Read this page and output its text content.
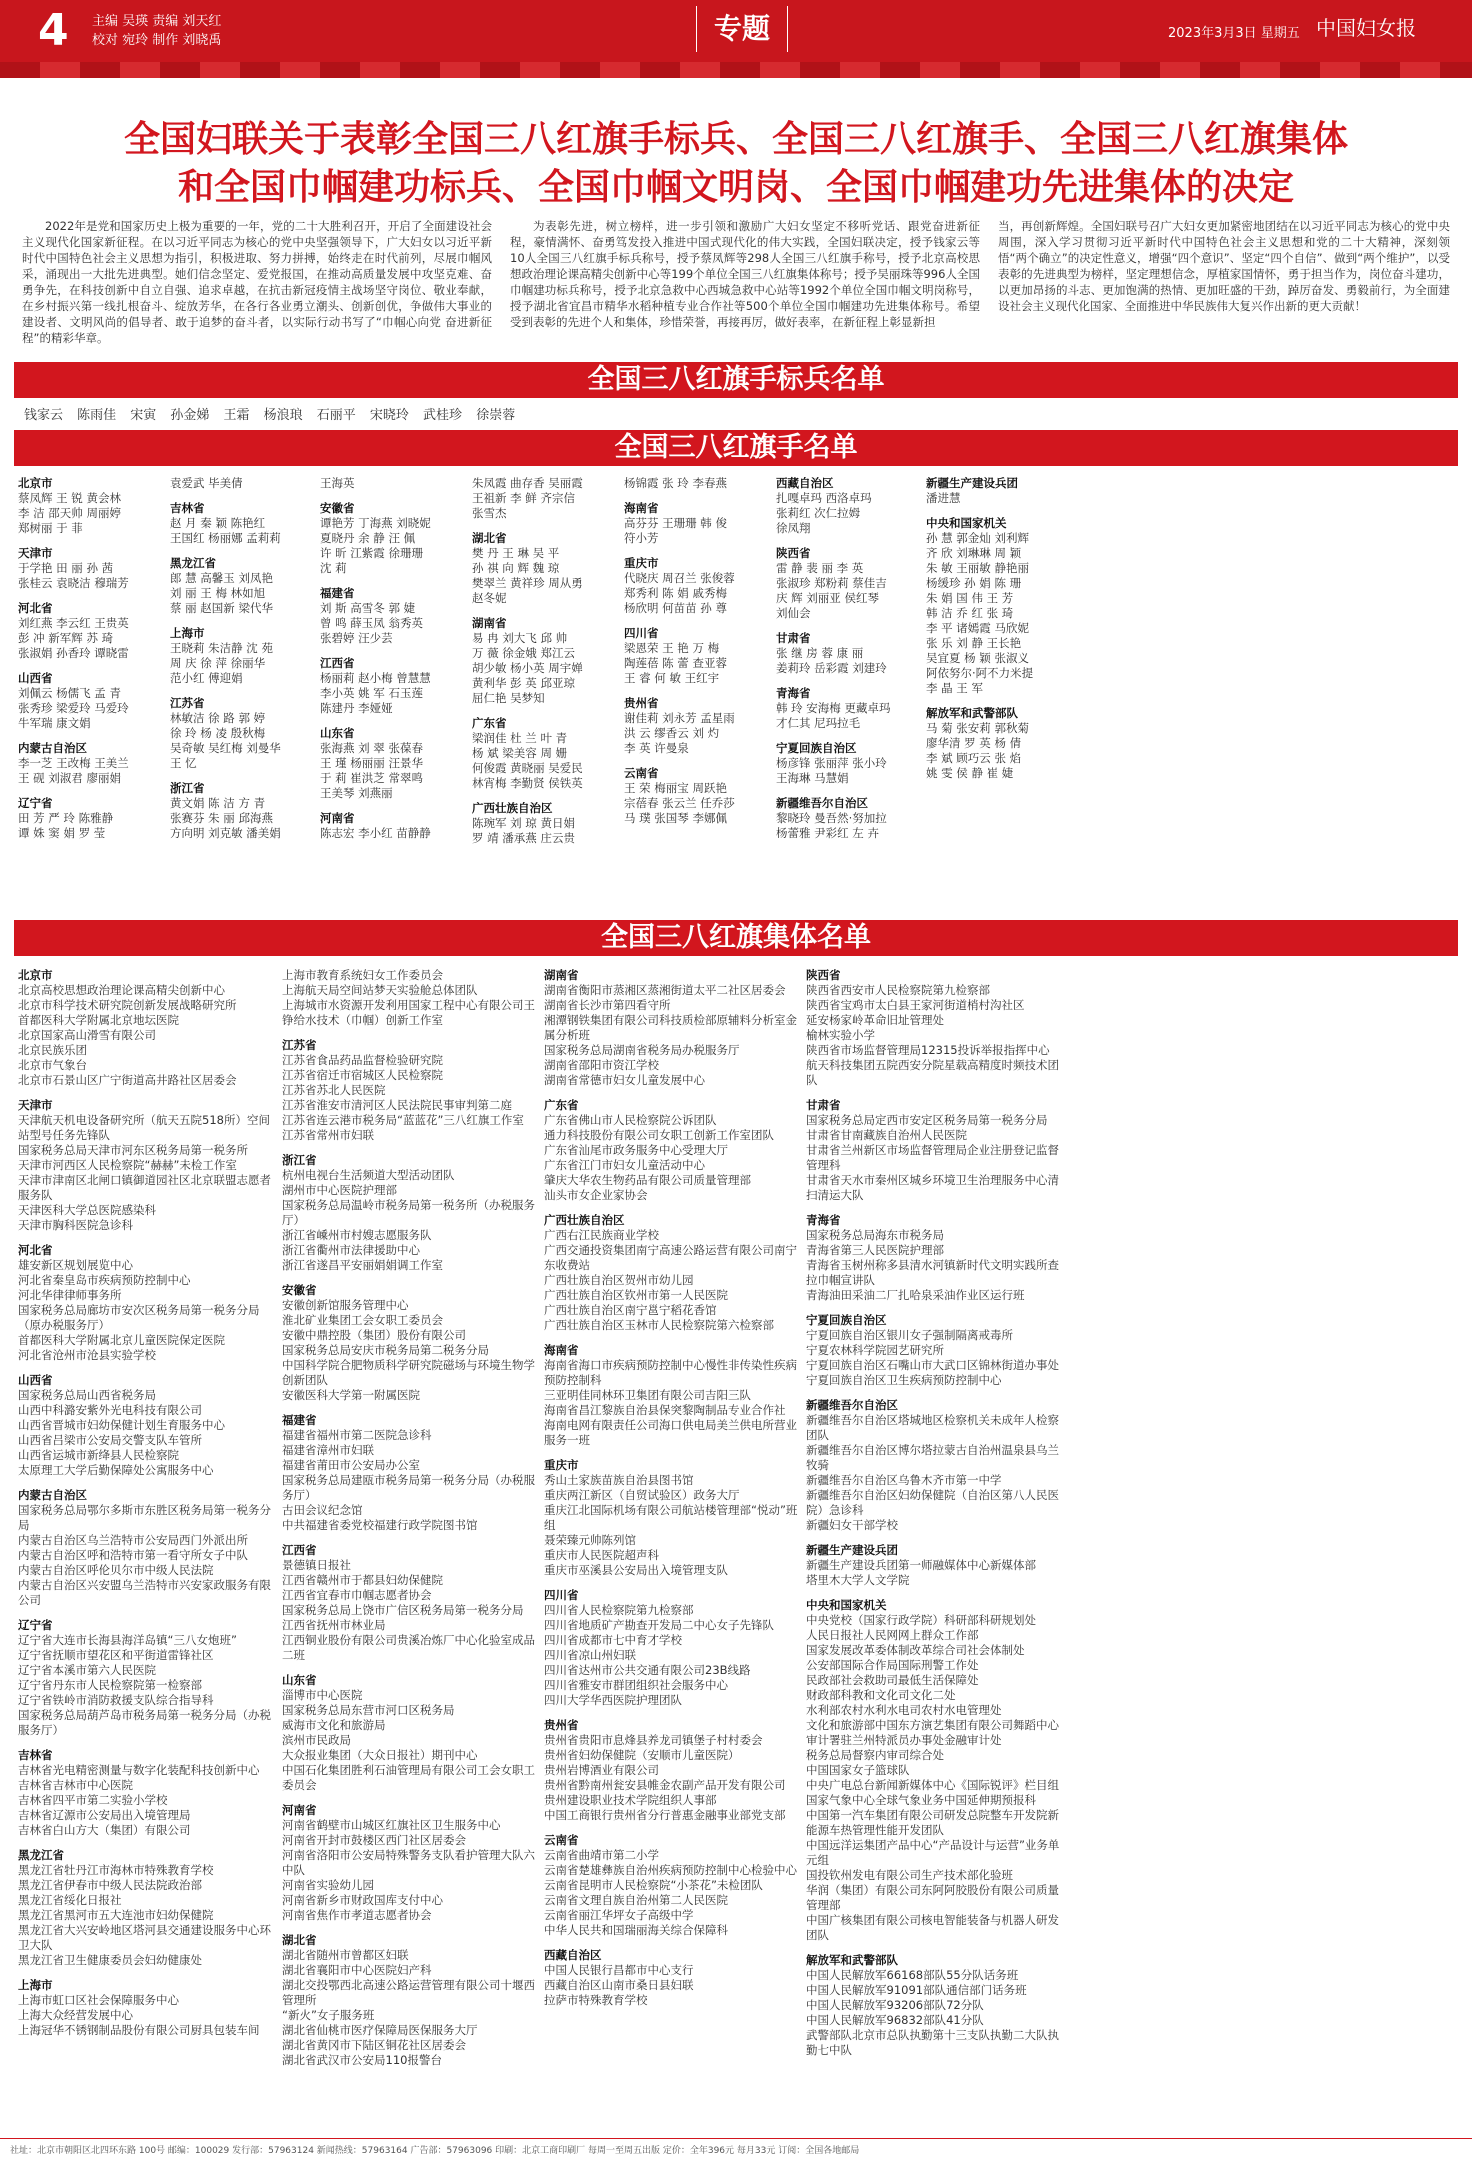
4 主编 吴瑛 责编 刘天红
校对 宛玲 制作 刘晓禹	专题	2023年3月3日 星期五 中国妇女报
全国妇联关于表彰全国三八红旗手标兵、全国三八红旗手、全国三八红旗集体
和全国巾帼建功标兵、全国巾帼文明岗、全国巾帼建功先进集体的决定
2022年是党和国家历史上极为重要的一年，党的二十大胜利召开，开启了全面建设社会主义现代化国家新征程。在以习近平同志为核心的党中央坚强领导下，广大妇女以习近平新时代中国特色社会主义思想为指引，积极进取、努力拼搏，始终走在时代前列，尽展巾帼风采，涌现出一大批先进典型。她们信念坚定、爱党报国，在推动高质量发展中攻坚克难、奋勇争先，在科技创新中自立自强、追求卓越，在抗击新冠疫情主战场坚守岗位、敬业奉献，在乡村振兴第一线扎根奋斗、绽放芳华，在各行各业勇立潮头、创新创优，争做伟大事业的建设者、文明风尚的倡导者、敢于追梦的奋斗者，以实际行动书写了“巾帼心向党 奋进新征程”的精彩华章。
为表彰先进，树立榜样，进一步引领和激励广大妇女坚定不移听党话、跟党奋进新征程，豪情满怀、奋勇笃发投入推进中国式现代化的伟大实践，全国妇联决定，授予钱家云等10人全国三八红旗手标兵称号，授予蔡凤辉等298人全国三八红旗手称号，授予北京高校思想政治理论课高精尖创新中心等199个单位全国三八红旗集体称号；授予吴丽珠等996人全国巾帼建功标兵称号，授予北京急救中心西城急救中心站等1992个单位全国巾帼文明岗称号，授予湖北省宜昌市精华水稻种植专业合作社等500个单位全国巾帼建功先进集体称号。希望受到表彰的先进个人和集体，珍惜荣誉，再接再厉，做好表率，在新征程上彰显新担
当，再创新辉煌。全国妇联号召广大妇女更加紧密地团结在以习近平同志为核心的党中央周围，深入学习贯彻习近平新时代中国特色社会主义思想和党的二十大精神，深刻领悟“两个确立”的决定性意义，增强“四个意识”、坚定“四个自信”、做到“两个维护”，以受表彰的先进典型为榜样，坚定理想信念，厚植家国情怀，勇于担当作为，岗位奋斗建功，以更加昂扬的斗志、更加饱满的热情、更加旺盛的干劲，踔厉奋发、勇毅前行，为全面建设社会主义现代化国家、全面推进中华民族伟大复兴作出新的更大贡献！
全国三八红旗手标兵名单
钱家云 陈雨佳 宋寅 孙金娣 王霜 杨浪琅 石丽平 宋晓玲 武桂珍 徐崇蓉
全国三八红旗手名单
北京市
蔡凤辉 王 锐 黄会林
李 洁 邵天帅 周丽婷
郑树丽 于 菲
天津市
于学艳 田 丽 孙 茜
张桂云 袁晓洁 穆瑞芳
河北省
刘红燕 李云红 王贵英
彭 冲 新军辉 苏 琦
张淑娟 孙香玲 谭晓雷
山西省
刘佩云 杨儒飞 孟 青
张秀珍 梁爱玲 马爱玲
牛军瑞 康文娟
内蒙古自治区
李一芝 王改梅 王美兰
王 砚 刘淑君 廖丽娟
辽宁省
田 芳 严 玲 陈雅静
谭 姝 窦 娟 罗 莹
袁爱武 毕美倩
吉林省
赵 月 秦 颖 陈艳红
王国红 杨丽娜 孟莉莉
黑龙江省
郎 慧 高馨玉 刘凤艳
刘 丽 王 梅 林如旭
蔡 丽 赵国新 梁代华
上海市
王晓莉 朱洁静 沈 苑
周 庆 徐 萍 徐丽华
范小红 傅迎娟
江苏省
林敏洁 徐 路 郭 婷
徐 玲 杨 凌 殷秋梅
吴奇敏 吴红梅 刘曼华
王 忆
浙江省
黄文娟 陈 洁 方 青
张赛芬 朱 丽 邱海燕
方向明 刘克敏 潘美娟
王海英
安徽省
谭艳芳 丁海燕 刘晓妮
夏晓丹 余 静 汪 佩
许 昕 江紫霞 徐珊珊
沈 莉
福建省
刘 斯 高雪冬 郭 婕
曾 鸣 薛玉凤 翁秀英
张碧婷 汪少芸
江西省
杨丽莉 赵小梅 曾慧慧
李小英 姚 军 石玉莲
陈建丹 李娅娅
山东省
张海燕 刘 翠 张葆春
王 瑾 杨丽丽 汪景华
于 莉 崔洪芝 常翠鸣
王美琴 刘燕丽
河南省
陈志宏 李小红 苗静静
朱凤霞 曲存香 吴丽霞
王祖新 李 鲜 齐宗信
张雪杰
湖北省
樊 丹 王 琳 吴 平
孙 祺 向 辉 魏 琼
樊翠兰 黄祥珍 周从勇
赵冬妮
湖南省
易 冉 刘大飞 邱 帅
万 薇 徐金娥 郑江云
胡少敏 杨小英 周宇婵
黄利华 彭 英 邱亚琼
屈仁艳 吴梦知
广东省
梁润佳 杜 兰 叶 青
杨 斌 梁美容 周 姗
何俊霞 黄晓丽 吴爱民
林宵梅 李勤贤 侯铁英
广西壮族自治区
陈琬军 刘 琼 黄日娟
罗 靖 潘承燕 庄云贵
杨锦霞 张 玲 李春燕
海南省
高芬芬 王珊珊 韩 俊
符小芳
重庆市
代晓庆 周召兰 张俊蓉
郑秀利 陈 娟 戚秀梅
杨欣明 何苗苗 孙 尊
四川省
梁恩荣 王 艳 万 梅
陶莲蓓 陈 蕾 查亚蓉
王 睿 何 敏 王红宇
贵州省
谢佳莉 刘永芳 孟星雨
洪 云 缪香云 刘 灼
李 英 许曼泉
云南省
王 荣 梅丽宝 周跃艳
宗蓓春 张云兰 任乔莎
马 璞 张国琴 李娜佩
西藏自治区
扎嘎卓玛 西洛卓玛
张莉红 次仁拉姆
徐凤翔
陕西省
雷 静 裴 丽 李 英
张淑珍 郑粉莉 蔡佳吉
庆 辉 刘丽亚 侯红琴
刘仙会
甘肃省
张 继 房 蓉 康 丽
姜莉玲 岳彩霞 刘建玲
青海省
韩 玲 安海梅 更藏卓玛
才仁其 尼玛拉毛
宁夏回族自治区
杨彦锋 张丽萍 张小玲
王海琳 马慧娟
新疆维吾尔自治区
黎晓玲 曼吾然·努加拉
杨蕾雅 尹彩红 左 卉
新疆生产建设兵团
潘进慧
中央和国家机关
孙 慧 郭金灿 刘利辉
齐 欣 刘琳琳 周 颖
朱 敏 王丽敏 静艳丽
杨缓珍 孙 娟 陈 珊
朱 娟 国 伟 王 芳
韩 洁 乔 红 张 琦
李 平 诸嫣霞 马欣妮
张 乐 刘 静 王长艳
吴宜夏 杨 颖 张淑义
阿依努尔·阿不力米提
李 晶 王 军
解放军和武警部队
马 菊 张安莉 郭秋菊
廖华清 罗 英 杨 倩
李 斌 顾巧云 张 焰
姚 雯 侯 静 崔 婕
全国三八红旗集体名单
北京市
北京高校思想政治理论课高精尖创新中心
北京市科学技术研究院创新发展战略研究所
首都医科大学附属北京地坛医院
北京国家高山滑雪有限公司
北京民族乐团
北京市气象台
北京市石景山区广宁街道高井路社区居委会
天津市
天津航天机电设备研究所（航天五院518所）空间站型号任务先锋队
国家税务总局天津市河东区税务局第一税务所
天津市河西区人民检察院“赫赫”未检工作室
天津市津南区北闸口镇御道园社区北京联盟志愿者服务队
天津医科大学总医院感染科
天津市胸科医院急诊科
河北省
雄安新区规划展览中心
河北省秦皇岛市疾病预防控制中心
河北华律律师事务所
国家税务总局廊坊市安次区税务局第一税务分局（原办税服务厅）
首都医科大学附属北京儿童医院保定医院
河北省沧州市沧县实验学校
山西省
国家税务总局山西省税务局
山西中科潞安紫外光电科技有限公司
山西省晋城市妇幼保健计划生育服务中心
山西省吕梁市公安局交警支队车管所
山西省运城市新绛县人民检察院
太原理工大学后勤保障处公寓服务中心
内蒙古自治区
国家税务总局鄂尔多斯市东胜区税务局第一税务分局
内蒙古自治区乌兰浩特市公安局西门外派出所
内蒙古自治区呼和浩特市第一看守所女子中队
内蒙古自治区呼伦贝尔市中级人民法院
内蒙古自治区兴安盟乌兰浩特市兴安家政服务有限公司
辽宁省
辽宁省大连市长海县海洋岛镇“三八女炮班”
辽宁省抚顺市望花区和平街道雷锋社区
辽宁省本溪市第六人民医院
辽宁省丹东市人民检察院第一检察部
辽宁省铁岭市消防救援支队综合指导科
国家税务总局葫芦岛市税务局第一税务分局（办税服务厅）
吉林省
吉林省光电精密测量与数字化装配科技创新中心
吉林省吉林市中心医院
吉林省四平市第二实验小学校
吉林省辽源市公安局出入境管理局
吉林省白山方大（集团）有限公司
黑龙江省
黑龙江省牡丹江市海林市特殊教育学校
黑龙江省伊春市中级人民法院政治部
黑龙江省绥化日报社
黑龙江省黑河市五大连池市妇幼保健院
黑龙江省大兴安岭地区塔河县交通建设服务中心环卫大队
黑龙江省卫生健康委员会妇幼健康处
上海市
上海市虹口区社会保障服务中心
上海大众经营发展中心
上海冠华不锈钢制品股份有限公司厨具包装车间
上海市教育系统妇女工作委员会
上海航天局空间站梦天实验舱总体团队
上海城市水资源开发利用国家工程中心有限公司王铮给水技术（巾帼）创新工作室
江苏省
江苏省食品药品监督检验研究院
江苏省宿迁市宿城区人民检察院
江苏省苏北人民医院
江苏省淮安市清河区人民法院民事审判第二庭
江苏省连云港市税务局“蓝蓝花”三八红旗工作室
江苏省常州市妇联
浙江省
杭州电视台生活频道大型活动团队
湖州市中心医院护理部
国家税务总局温岭市税务局第一税务所（办税服务厅）
浙江省嵊州市村嫂志愿服务队
浙江省衢州市法律援助中心
浙江省遂昌平安丽娟娟调工作室
安徽省
安徽创新馆服务管理中心
淮北矿业集团工会女职工委员会
安徽中鼎控股（集团）股份有限公司
国家税务总局安庆市税务局第二税务分局
中国科学院合肥物质科学研究院磁场与环境生物学创新团队
安徽医科大学第一附属医院
福建省
福建省福州市第二医院急诊科
福建省漳州市妇联
福建省莆田市公安局办公室
国家税务总局建瓯市税务局第一税务分局（办税服务厅）
古田会议纪念馆
中共福建省委党校福建行政学院图书馆
江西省
景德镇日报社
江西省赣州市于都县妇幼保健院
江西省宜春市巾帼志愿者协会
国家税务总局上饶市广信区税务局第一税务分局
江西省抚州市林业局
江西铜业股份有限公司贵溪冶炼厂中心化验室成品二班
山东省
淄博市中心医院
国家税务总局东营市河口区税务局
威海市文化和旅游局
滨州市民政局
大众报业集团（大众日报社）期刊中心
中国石化集团胜利石油管理局有限公司工会女职工委员会
河南省
河南省鹤壁市山城区红旗社区卫生服务中心
河南省开封市鼓楼区西门社区居委会
河南省洛阳市公安局特殊警务支队看护管理大队六中队
河南省实验幼儿园
河南省新乡市财政国库支付中心
河南省焦作市孝道志愿者协会
湖北省
湖北省随州市曾都区妇联
湖北省襄阳市中心医院妇产科
湖北交投鄂西北高速公路运营管理有限公司十堰西管理所
“新火”女子服务班
湖北省仙桃市医疗保障局医保服务大厅
湖北省黄冈市下陆区铜花社区居委会
湖北省武汉市公安局110报警台
湖南省
湖南省衡阳市蒸湘区蒸湘街道太平二社区居委会
湖南省长沙市第四看守所
湘潭钢铁集团有限公司科技质检部原辅料分析室金属分析班
国家税务总局湖南省税务局办税服务厅
湖南省邵阳市资江学校
湖南省常德市妇女儿童发展中心
广东省
广东省佛山市人民检察院公诉团队
通力科技股份有限公司女职工创新工作室团队
广东省汕尾市政务服务中心受理大厅
广东省江门市妇女儿童活动中心
肇庆大华农生物药品有限公司质量管理部
汕头市女企业家协会
广西壮族自治区
广西右江民族商业学校
广西交通投资集团南宁高速公路运营有限公司南宁东收费站
广西壮族自治区贺州市幼儿园
广西壮族自治区钦州市第一人民医院
广西壮族自治区南宁邕宁稻花香馆
广西壮族自治区玉林市人民检察院第六检察部
海南省
海南省海口市疾病预防控制中心慢性非传染性疾病预防控制科
三亚明佳同林环卫集团有限公司吉阳三队
海南省昌江黎族自治县保突黎陶制品专业合作社
海南电网有限责任公司海口供电局美兰供电所营业服务一班
重庆市
秀山土家族苗族自治县图书馆
重庆两江新区（自贸试验区）政务大厅
重庆江北国际机场有限公司航站楼管理部“悦动”班组
聂荣臻元帅陈列馆
重庆市人民医院超声科
重庆市巫溪县公安局出入境管理支队
四川省
四川省人民检察院第九检察部
四川省地质矿产勘查开发局二中心女子先锋队
四川省成都市七中育才学校
四川省凉山州妇联
四川省达州市公共交通有限公司23B线路
四川省雅安市群团组织社会服务中心
四川大学华西医院护理团队
贵州省
贵州省贵阳市息烽县养龙司镇堡子村村委会
贵州省妇幼保健院（安顺市儿童医院）
贵州岩博酒业有限公司
贵州省黔南州瓮安县帷金农副产品开发有限公司
贵州建设职业技术学院组织人事部
中国工商银行贵州省分行普惠金融事业部党支部
云南省
云南省曲靖市第二小学
云南省楚雄彝族自治州疾病预防控制中心检验中心
云南省昆明市人民检察院“小茶花”未检团队
云南省文理自族自治州第二人民医院
云南省丽江华坪女子高级中学
中华人民共和国瑞丽海关综合保障科
西藏自治区
中国人民银行昌都市中心支行
西藏自治区山南市桑日县妇联
拉萨市特殊教育学校
陕西省
陕西省西安市人民检察院第九检察部
陕西省宝鸡市太白县王家河街道梢村沟社区
延安杨家岭革命旧址管理处
榆林实验小学
陕西省市场监督管理局12315投诉举报指挥中心
航天科技集团五院西安分院星载高精度时频技术团队
甘肃省
国家税务总局定西市安定区税务局第一税务分局
甘肃省甘南藏族自治州人民医院
甘肃省兰州新区市场监督管理局企业注册登记监督管理科
甘肃省天水市秦州区城乡环境卫生治理服务中心清扫清运大队
青海省
国家税务总局海东市税务局
青海省第三人民医院护理部
青海省玉树州称多县清水河镇新时代文明实践所查拉巾帼宣讲队
青海油田采油二厂扎哈泉采油作业区运行班
宁夏回族自治区
宁夏回族自治区银川女子强制隔离戒毒所
宁夏农林科学院园艺研究所
宁夏回族自治区石嘴山市大武口区锦林街道办事处
宁夏回族自治区卫生疾病预防控制中心
新疆维吾尔自治区
新疆维吾尔自治区塔城地区检察机关未成年人检察团队
新疆维吾尔自治区博尔塔拉蒙古自治州温泉县乌兰牧骑
新疆维吾尔自治区乌鲁木齐市第一中学
新疆维吾尔自治区妇幼保健院（自治区第八人民医院）急诊科
新疆妇女干部学校
新疆生产建设兵团
新疆生产建设兵团第一师融媒体中心新媒体部
塔里木大学人文学院
中央和国家机关
中央党校（国家行政学院）科研部科研规划处
人民日报社人民网网上群众工作部
国家发展改革委体制改革综合司社会体制处
公安部国际合作局国际刑警工作处
民政部社会救助司最低生活保障处
财政部科教和文化司文化二处
水利部农村水利水电司农村水电管理处
文化和旅游部中国东方演艺集团有限公司舞蹈中心
审计署驻兰州特派员办事处金融审计处
税务总局督察内审司综合处
中国国家女子篮球队
中央广电总台新闻新媒体中心《国际锐评》栏目组
国家气象中心全球气象业务中国延伸期预报科
中国第一汽车集团有限公司研发总院整车开发院新能源车热管理性能开发团队
中国远洋运集团产品中心“产品设计与运营”业务单元组
国投钦州发电有限公司生产技术部化验班
华润（集团）有限公司东阿阿胶股份有限公司质量管理部
中国广核集团有限公司核电智能装备与机器人研发团队
解放军和武警部队
中国人民解放军66168部队55分队话务班
中国人民解放军91091部队通信部门话务班
中国人民解放军93206部队72分队
中国人民解放军96832部队41分队
武警部队北京市总队执勤第十三支队执勤二大队执勤七中队
社址：北京市朝阳区北四环东路 100号 邮编：100029 发行部：57963124 新闻热线：57963164 广告部：57963096 印刷：北京工商印刷厂 每周一至周五出版 定价：全年396元 每月33元 订阅：全国各地邮局
